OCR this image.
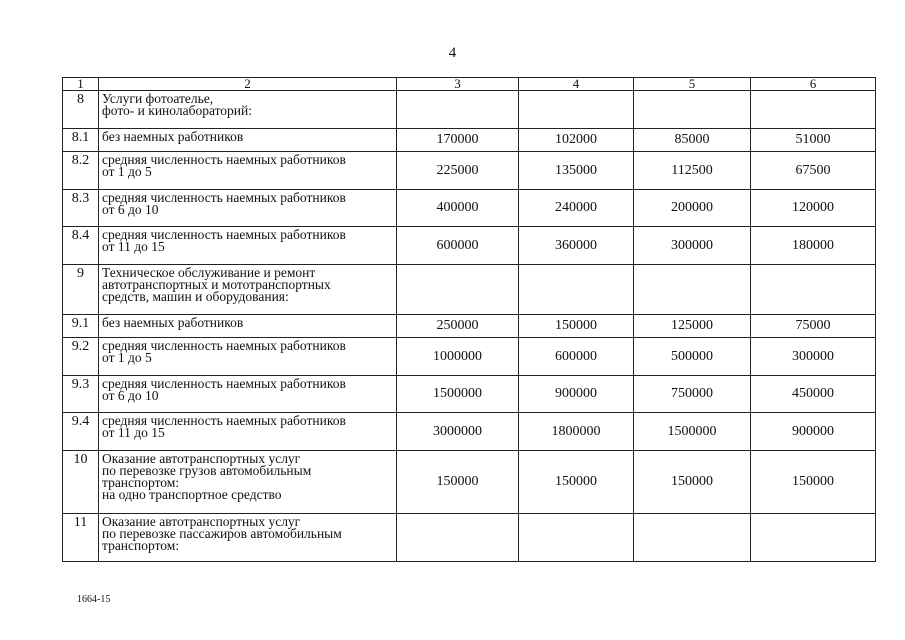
4
1	2	3	4	5	6
8	Услуги фотоателье,
фото- и кинолабораторий:				
8.1	без наемных работников	170000	102000	85000	51000
8.2	средняя численность наемных работников
от 1 до 5	225000	135000	112500	67500
8.3	средняя численность наемных работников
от 6 до 10	400000	240000	200000	120000
8.4	средняя численность наемных работников
от 11 до 15	600000	360000	300000	180000
9	Техническое обслуживание и ремонт
автотранспортных и мототранспортных
средств, машин и оборудования:				
9.1	без наемных работников	250000	150000	125000	75000
9.2	средняя численность наемных работников
от 1 до 5	1000000	600000	500000	300000
9.3	средняя численность наемных работников
от 6 до 10	1500000	900000	750000	450000
9.4	средняя численность наемных работников
от 11 до 15	3000000	1800000	1500000	900000
10	Оказание автотранспортных услуг
по перевозке грузов автомобильным
транспортом:
на одно транспортное средство	150000	150000	150000	150000
11	Оказание автотранспортных услуг
по перевозке пассажиров автомобильным
транспортом:				
1664-15
